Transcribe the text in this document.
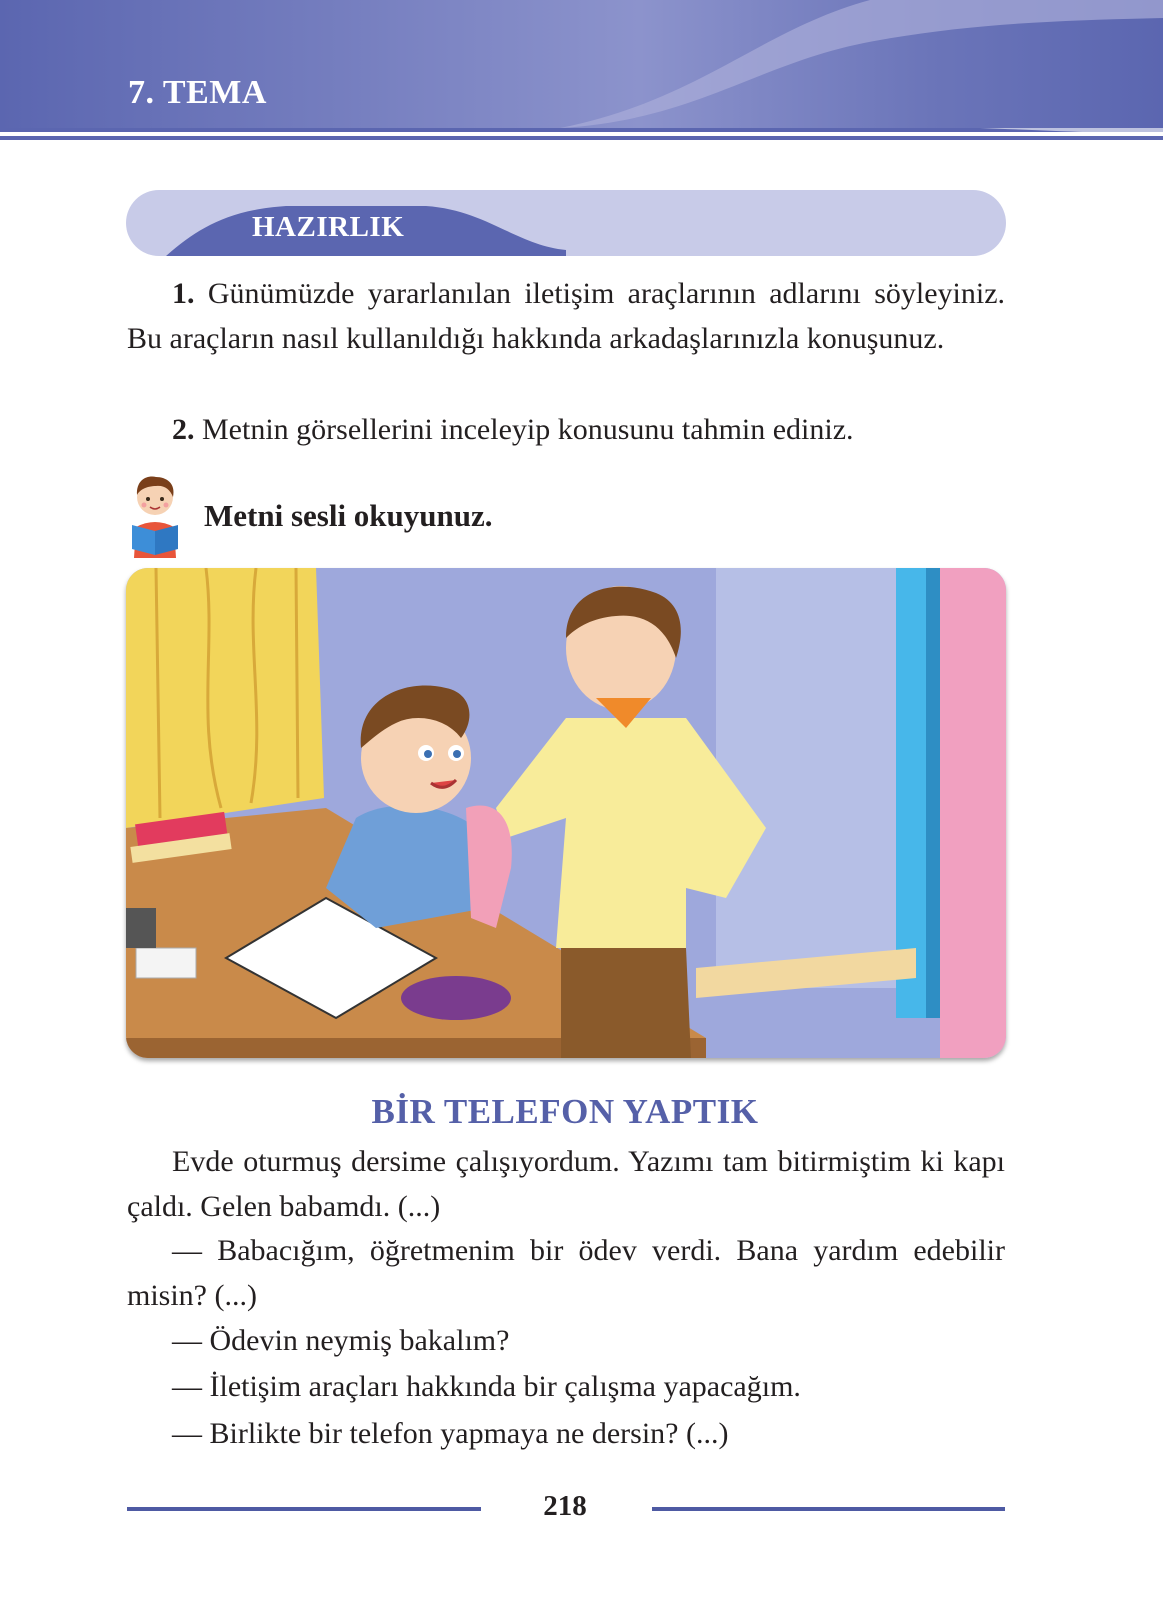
7. TEMA
HAZIRLIK

1. Günümüzde yararlanılan iletişim araçlarının adlarını söyleyiniz. Bu araçların nasıl kullanıldığı hakkında arkadaşlarınızla konuşunuz.

2. Metnin görsellerini inceleyip konusunu tahmin ediniz.

Metni sesli okuyunuz.
BİR TELEFON YAPTIK

Evde oturmuş dersime çalışıyordum. Yazımı tam bitirmiştim ki kapı çaldı. Gelen babamdı. (...)

— Babacığım, öğretmenim bir ödev verdi. Bana yardım edebilir misin? (...)

— Ödevin neymiş bakalım?

— İletişim araçları hakkında bir çalışma yapacağım.

— Birlikte bir telefon yapmaya ne dersin? (...)

218
